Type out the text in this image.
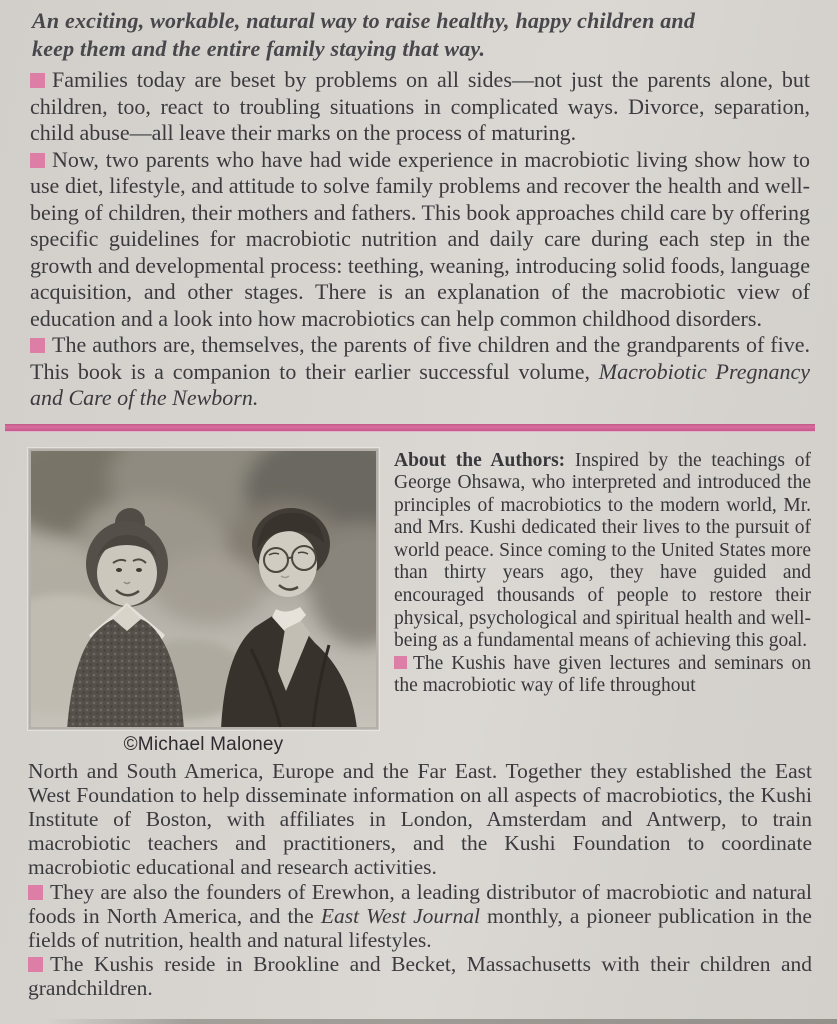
An exciting, workable, natural way to raise healthy, happy children and keep them and the entire family staying that way.

Families today are beset by problems on all sides—not just the parents alone, but children, too, react to troubling situations in complicated ways. Divorce, separation, child abuse—all leave their marks on the process of maturing.

Now, two parents who have had wide experience in macrobiotic living show how to use diet, lifestyle, and attitude to solve family problems and recover the health and well-being of children, their mothers and fathers. This book approaches child care by offering specific guidelines for macrobiotic nutrition and daily care during each step in the growth and developmental process: teething, weaning, introducing solid foods, language acquisition, and other stages. There is an explanation of the macrobiotic view of education and a look into how macrobiotics can help common childhood disorders.

The authors are, themselves, the parents of five children and the grandparents of five. This book is a companion to their earlier successful volume, Macrobiotic Pregnancy and Care of the Newborn.

©Michael Maloney

About the Authors: Inspired by the teachings of George Ohsawa, who interpreted and introduced the principles of macrobiotics to the modern world, Mr. and Mrs. Kushi dedicated their lives to the pursuit of world peace. Since coming to the United States more than thirty years ago, they have guided and encouraged thousands of people to restore their physical, psychological and spiritual health and well-being as a fundamental means of achieving this goal.

The Kushis have given lectures and seminars on the macrobiotic way of life throughout

North and South America, Europe and the Far East. Together they established the East West Foundation to help disseminate information on all aspects of macrobiotics, the Kushi Institute of Boston, with affiliates in London, Amsterdam and Antwerp, to train macrobiotic teachers and practitioners, and the Kushi Foundation to coordinate macrobiotic educational and research activities.

They are also the founders of Erewhon, a leading distributor of macrobiotic and natural foods in North America, and the East West Journal monthly, a pioneer publication in the fields of nutrition, health and natural lifestyles.

The Kushis reside in Brookline and Becket, Massachusetts with their children and grandchildren.
